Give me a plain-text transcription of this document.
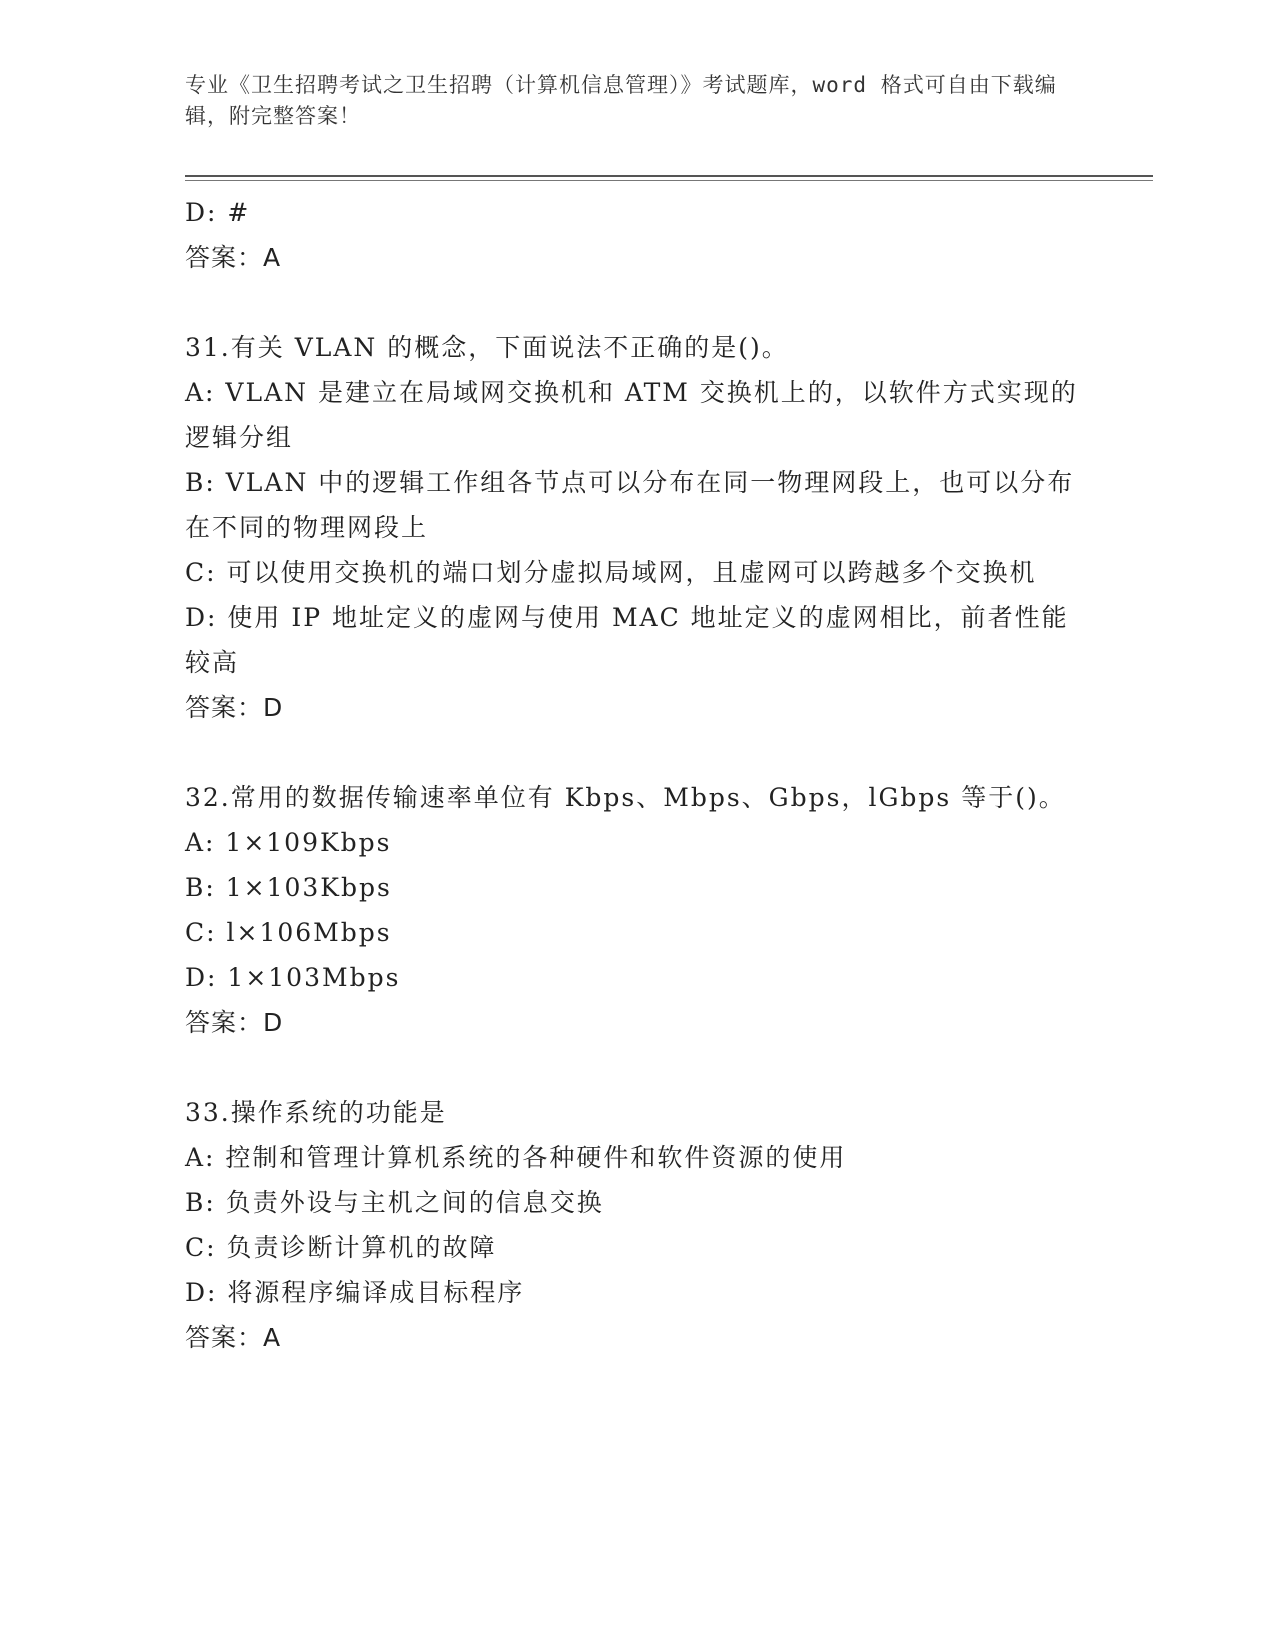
专业《卫生招聘考试之卫生招聘（计算机信息管理）》考试题库，word 格式可自由下载编辑，附完整答案！

D: #

答案：A

31.有关 VLAN 的概念，下面说法不正确的是()。

A: VLAN 是建立在局域网交换机和 ATM 交换机上的，以软件方式实现的逻辑分组

B: VLAN 中的逻辑工作组各节点可以分布在同一物理网段上，也可以分布在不同的物理网段上

C: 可以使用交换机的端口划分虚拟局域网，且虚网可以跨越多个交换机

D: 使用 IP 地址定义的虚网与使用 MAC 地址定义的虚网相比，前者性能较高

答案：D

32.常用的数据传输速率单位有 Kbps、Mbps、Gbps，lGbps 等于()。

A: 1×109Kbps

B: 1×103Kbps

C: l×106Mbps

D: 1×103Mbps

答案：D

33.操作系统的功能是

A: 控制和管理计算机系统的各种硬件和软件资源的使用

B: 负责外设与主机之间的信息交换

C: 负责诊断计算机的故障

D: 将源程序编译成目标程序

答案：A
